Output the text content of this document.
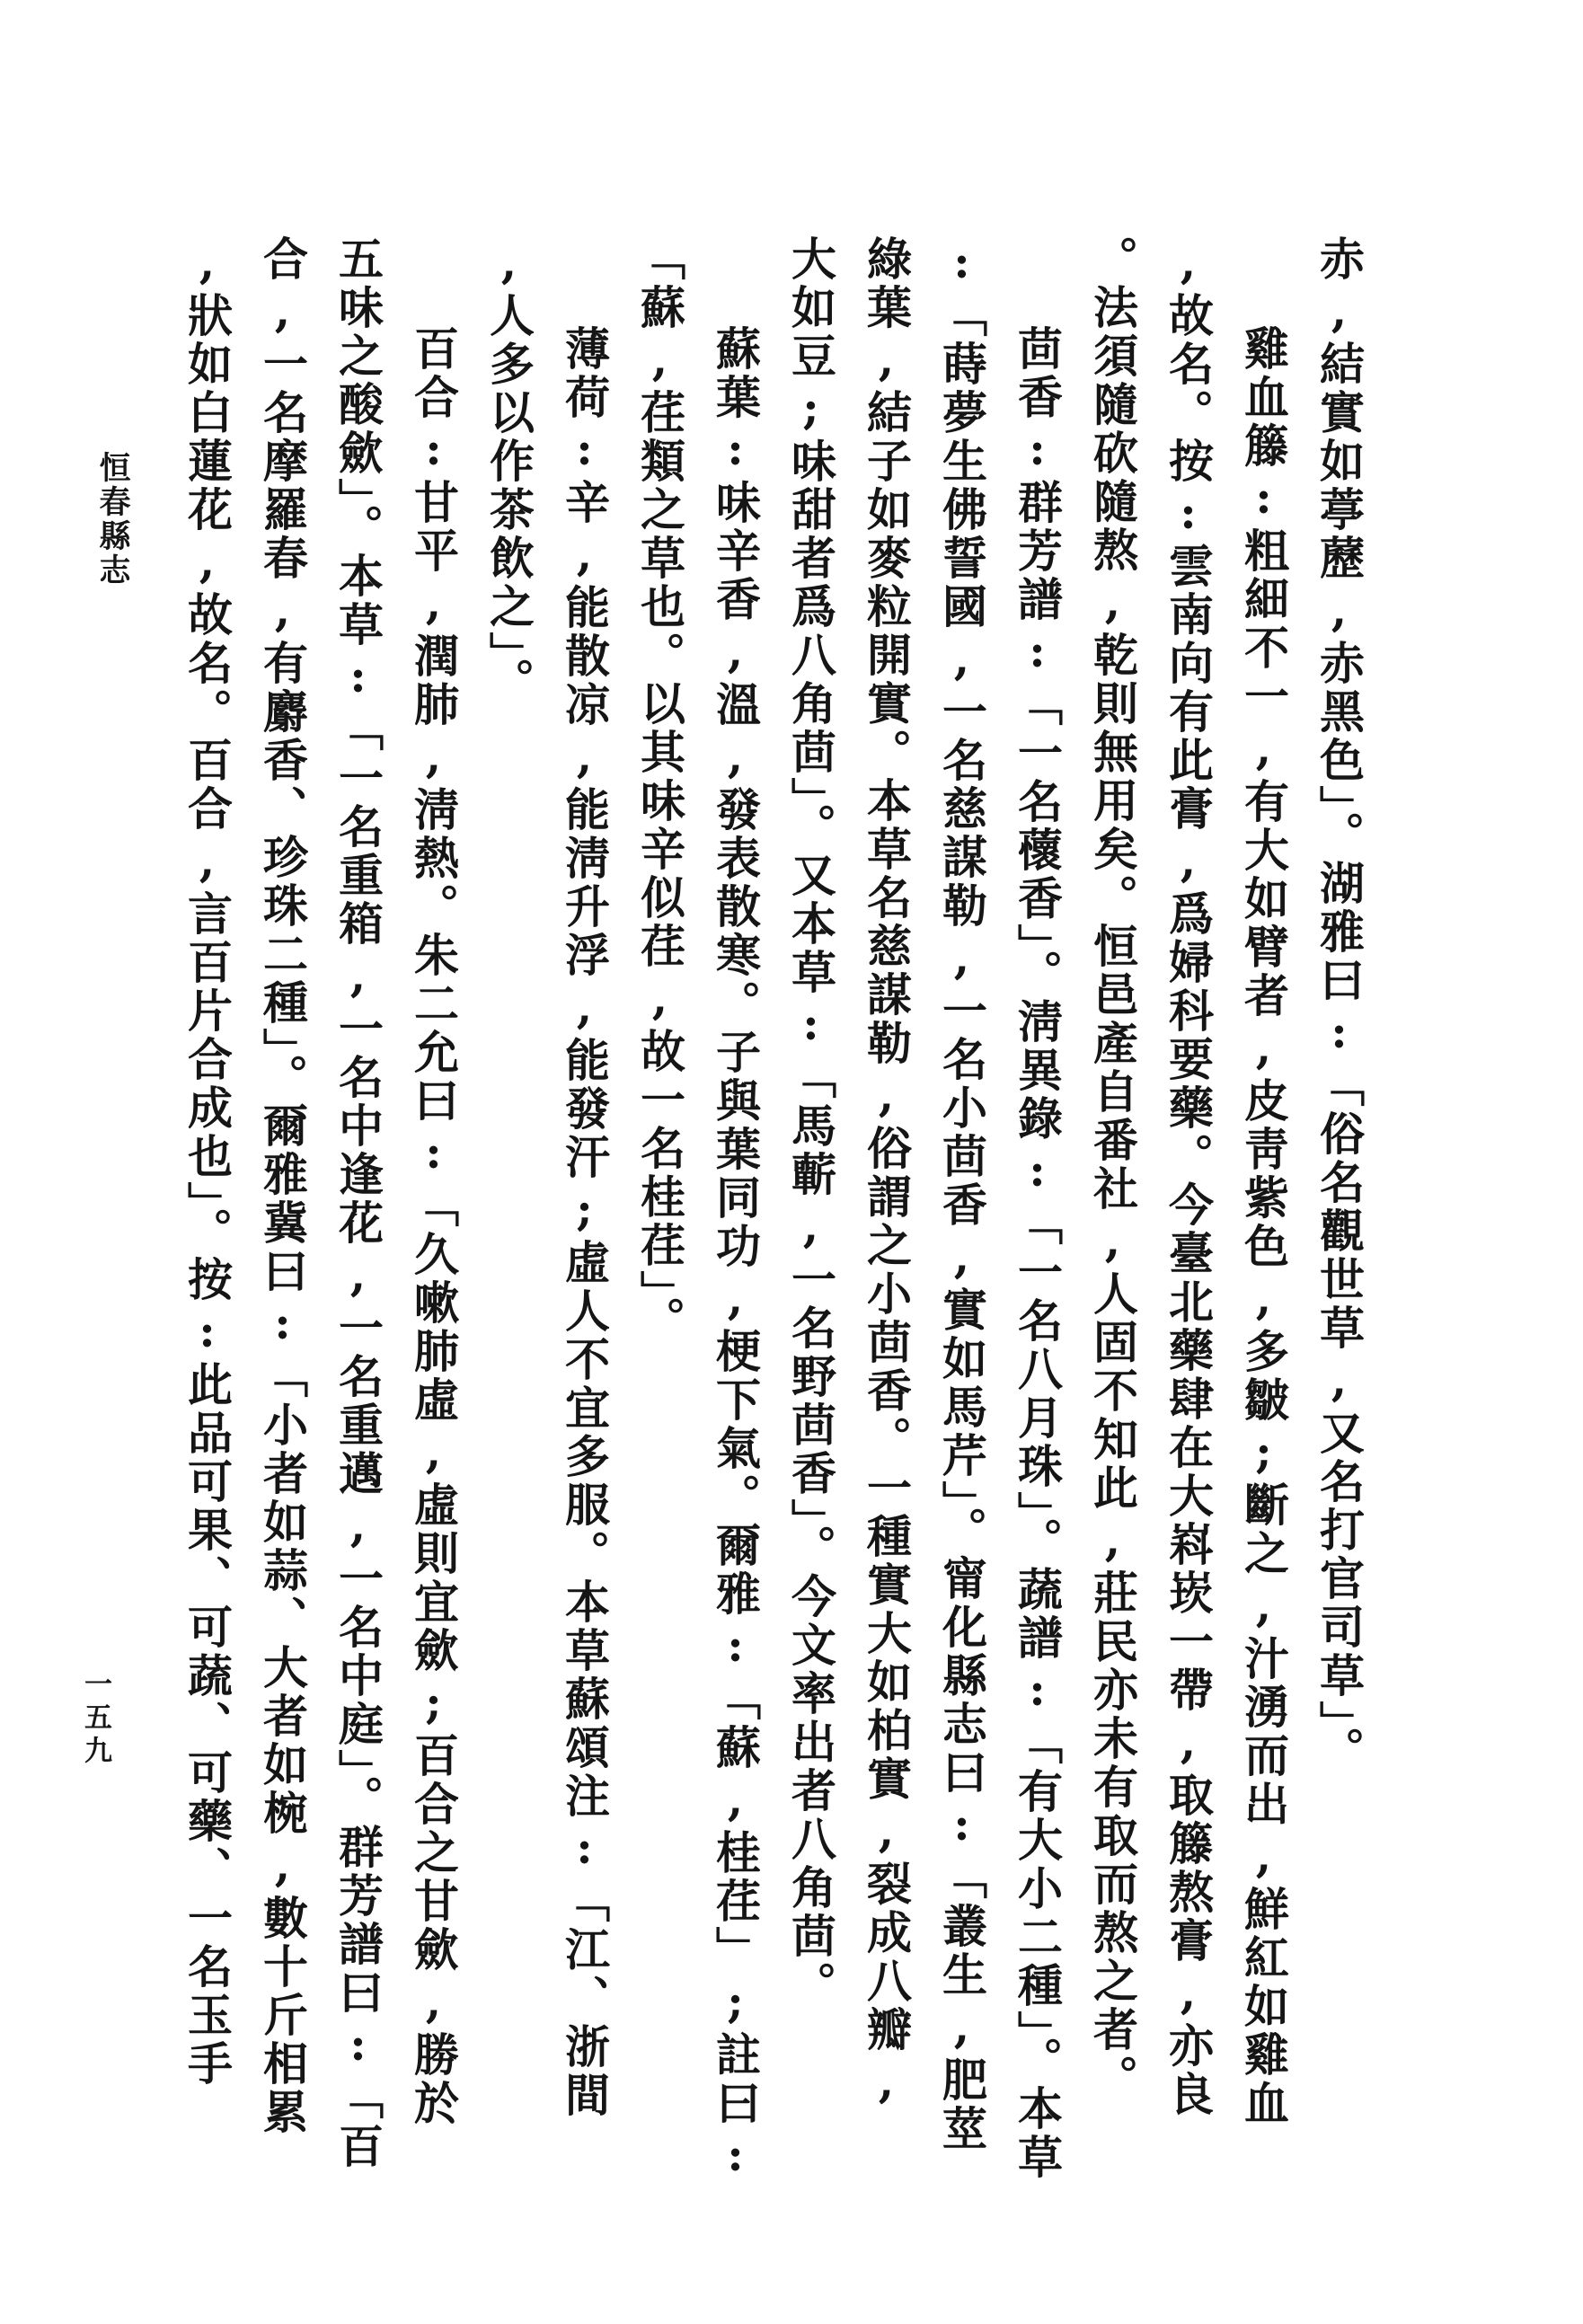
赤,結實如葶藶,赤黑色」。湖雅曰:「俗名觀世草,又名打官司草」。

雞血籐:粗細不一,有大如臂者,皮靑紫色,多皺;斷之,汁湧而出,鮮紅如雞血

,故名。按:雲南向有此膏,爲婦科要藥。今臺北藥肆在大嵙崁一帶,取籐熬膏,亦良

。法須隨砍隨熬,乾則無用矣。恒邑產自番社,人固不知此,莊民亦未有取而熬之者。

茴香:群芳譜:「一名蘹香」。淸異錄:「一名八月珠」。蔬譜:「有大小二種」。本草

:「蒔夢生佛誓國,一名慈謀勒,一名小茴香,實如馬芹」。甯化縣志曰:「叢生,肥莖

綠葉,結子如麥粒開實。本草名慈謀勒,俗謂之小茴香。一種實大如柏實,裂成八瓣,

大如豆;味甜者爲八角茴」。又本草:「馬蘄,一名野茴香」。今文率出者八角茴。

蘇葉:味辛香,溫,發表散寒。子與葉同功,梗下氣。爾雅:「蘇,桂荏」;註曰:

「蘇,荏類之草也。以其味辛似荏,故一名桂荏」。

薄荷:辛,能散凉,能淸升浮,能發汗;虛人不宜多服。本草蘇頌注:「江、浙間

,人多以作茶飲之」。

百合:甘平,潤肺,淸熱。朱二允曰:「久嗽肺虛,虛則宜歛;百合之甘歛,勝於

五味之酸歛」。本草:「一名重箱,一名中逢花,一名重邁,一名中庭」。群芳譜曰:「百

合,一名摩羅春,有麝香、珍珠二種」。爾雅冀曰:「小者如蒜、大者如椀,數十斤相累

,狀如白蓮花,故名。百合,言百片合成也」。按:此品可果、可蔬、可藥、一名玉手

恒春縣志
一五九
